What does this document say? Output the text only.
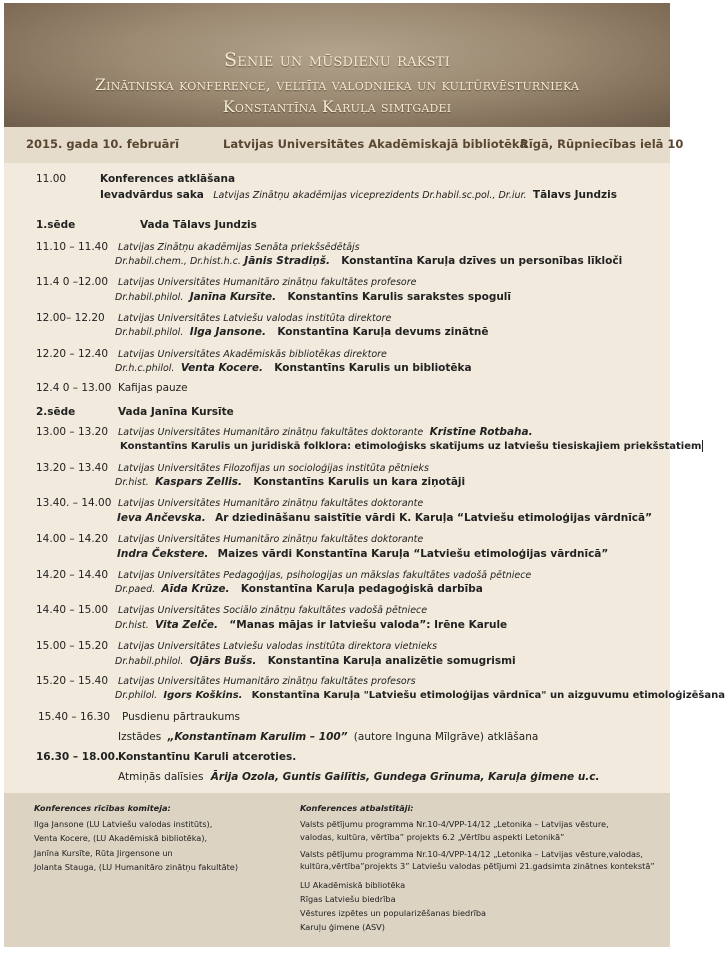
Senie un mūsdienu raksti
Zinātniska konference, veltīta valodnieka un kultūrvēsturnieka
Konstantīna Karuļa simtgadei
2015. gada 10. februārī	Latvijas Universitātes Akadēmiskajā bibliotēkā
Rīgā, Rūpniecības ielā 10
11.00	Konferences atklāšana
Ievadvārdus saka Latvijas Zinātņu akadēmijas viceprezidents Dr.habil.sc.pol., Dr.iur. Tālavs Jundzis
1.sēde	Vada Tālavs Jundzis
11.10 – 11.40 Latvijas Zinātņu akadēmijas Senāta priekšsēdētājs
Dr.habil.chem., Dr.hist.h.c. Jānis Stradiņš. Konstantīna Karuļa dzīves un personības līkloči
11.4 0 –12.00 Latvijas Universitātes Humanitāro zinātņu fakultātes profesore
Dr.habil.philol. Janīna Kursīte. Konstantīns Karulis sarakstes spogulī
12.00– 12.20 Latvijas Universitātes Latviešu valodas institūta direktore
Dr.habil.philol. Ilga Jansone. Konstantīna Karuļa devums zinātnē
12.20 – 12.40 Latvijas Universitātes Akadēmiskās bibliotēkas direktore
Dr.h.c.philol. Venta Kocere. Konstantīns Karulis un bibliotēka
12.4 0 – 13.00 Kafijas pauze
2.sēde	Vada Janīna Kursīte
13.00 – 13.20 Latvijas Universitātes Humanitāro zinātņu fakultātes doktorante Kristīne Rotbaha.
Konstantīns Karulis un juridiskā folklora: etimoloģisks skatījums uz latviešu tiesiskajiem priekšstatiem
13.20 – 13.40 Latvijas Universitātes Filozofijas un socioloģijas institūta pētnieks
Dr.hist. Kaspars Zellis. Konstantīns Karulis un kara ziņotāji
13.40. – 14.00 Latvijas Universitātes Humanitāro zinātņu fakultātes doktorante
Ieva Ančevska. Ar dziedināšanu saistītie vārdi K. Karuļa “Latviešu etimoloģijas vārdnīcā”
14.00 – 14.20 Latvijas Universitātes Humanitāro zinātņu fakultātes doktorante
Indra Čekstere. Maizes vārdi Konstantīna Karuļa “Latviešu etimoloģijas vārdnīcā”
14.20 – 14.40 Latvijas Universitātes Pedagoģijas, psihologijas un mākslas fakultātes vadošā pētniece
Dr.paed. Aīda Krūze. Konstantīna Karuļa pedagoģiskā darbība
14.40 – 15.00 Latvijas Universitātes Sociālo zinātņu fakultātes vadošā pētniece
Dr.hist. Vita Zelče. “Manas mājas ir latviešu valoda”: Irēne Karule
15.00 – 15.20 Latvijas Universitātes Latviešu valodas institūta direktora vietnieks
Dr.habil.philol. Ojārs Bušs. Konstantīna Karuļa analizētie somugrismi
15.20 – 15.40 Latvijas Universitātes Humanitāro zinātņu fakultātes profesors
Dr.philol. Igors Koškins. Konstantīna Karuļa "Latviešu etimoloģijas vārdnīca" un aizguvumu etimoloģizēšana
15.40 – 16.30 Pusdienu pārtraukums
Izstādes „Konstantīnam Karulim – 100” (autore Inguna Mīlgrāve) atklāšana
16.30 – 18.00. Konstantīnu Karuli atceroties.
Atmiņās dalīsies Ārija Ozola, Guntis Gailītis, Gundega Grīnuma, Karuļa ģimene u.c.
Konferences rīcības komiteja:
Ilga Jansone (LU Latviešu valodas institūts),
Venta Kocere, (LU Akadēmiskā bibliotēka),
Janīna Kursīte, Rūta Jirgensone un
Jolanta Stauga, (LU Humanitāro zinātņu fakultāte)
Konferences atbalstītāji:
Valsts pētījumu programma Nr.10-4/VPP-14/12 „Letonika – Latvijas vēsture,
valodas, kultūra, vērtība” projekts 6.2 „Vērtību aspekti Letonikā”
Valsts pētījumu programma Nr.10-4/VPP-14/12 „Letonika – Latvijas vēsture,valodas,
kultūra,vērtība”projekts 3” Latviešu valodas pētījumi 21.gadsimta zinātnes kontekstā”
LU Akadēmiskā bibliotēka
Rīgas Latviešu biedrība
Vēstures izpētes un popularizēšanas biedrība
Karuļu ģimene (ASV)
